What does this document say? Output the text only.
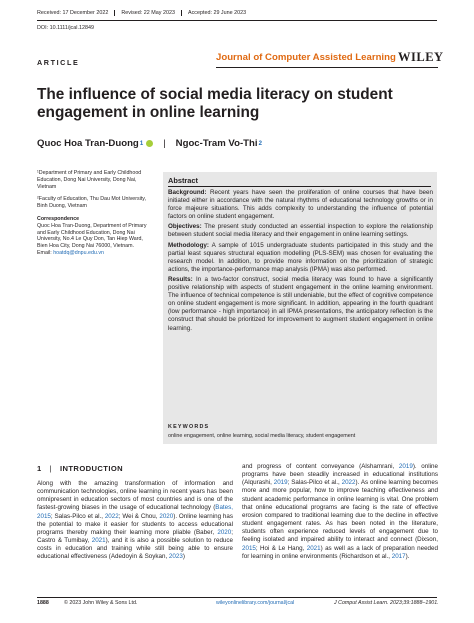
Received: 17 December 2022	Revised: 22 May 2023	Accepted: 29 June 2023
DOI: 10.1111/jcal.12849
ARTICLE	Journal of Computer Assisted Learning WILEY
The influence of social media literacy on student engagement in online learning
Quoc Hoa Tran-Duong 1 | Ngoc-Tram Vo-Thi 2

¹Department of Primary and Early Childhood Education, Dong Nai University, Dong Nai, Vietnam

²Faculty of Education, Thu Dau Mot University, Binh Duong, Vietnam

Correspondence

Quoc Hoa Tran-Duong, Department of Primary and Early Childhood Education, Dong Nai University, No.4 Le Quy Don, Tan Hiep Ward, Bien Hoa City, Dong Nai 76000, Vietnam.
Email: hoatdq@dnpu.edu.vn

Abstract

Background: Recent years have seen the proliferation of online courses that have been initiated either in accordance with the natural rhythms of educational technology growths or in force majeure situations. This adds complexity to understanding the influence of potential factors on online student engagement.

Objectives: The present study conducted an essential inspection to explore the relationship between student social media literacy and their engagement in online learning settings.

Methodology: A sample of 1015 undergraduate students participated in this study and the partial least squares structural equation modelling (PLS-SEM) was chosen for evaluating the research model. In addition, to provide more information on the prioritization of strategic actions, the importance-performance map analysis (IPMA) was also performed.

Results: In a two-factor construct, social media literacy was found to have a significantly positive relationship with aspects of student engagement in the online learning environment. The influence of technical competence is still undeniable, but the effect of cognitive competence on online student engagement is more significant. In addition, appearing in the fourth quadrant (low performance - high importance) in all IPMA presentations, the anticipatory reflection is the construct that should be prioritized for improvement to augment student engagement in online learning.

KEYWORDS
online engagement, online learning, social media literacy, student engagement
1 | INTRODUCTION

Along with the amazing transformation of information and communication technologies, online learning in recent years has been omnipresent in education sectors of most countries and is one of the fastest-growing biases in the usage of educational technology (Bates, 2015; Salas-Pilco et al., 2022; Wei & Chou, 2020). Online learning has the potential to make it easier for students to access educational programs thereby making their learning more pliable (Baber, 2020; Castro & Tumibay, 2021), and it is also a possible solution to reduce costs in education and training while still being able to ensure educational effectiveness (Adedoyin & Soykan, 2023)

and progress of content conveyance (Alshamrani, 2019). online programs have been steadily increased in educational institutions (Alqurashi, 2019; Salas-Pilco et al., 2022). As online learning becomes more and more popular, how to improve teaching effectiveness and student academic performance in online learning is vital. One problem that online educational programs are facing is the rate of effective erosion compared to traditional learning due to the decline in effective student engagement rates. As has been noted in the literature, students often experience reduced levels of engagement due to feeling isolated and impaired ability to interact and connect (Dixson, 2015; Hoi & Le Hang, 2021) as well as a lack of preparation needed for learning in online environments (Richardson et al., 2017).

1888	© 2023 John Wiley & Sons Ltd.	wileyonlinelibrary.com/journal/jcal	J Comput Assist Learn. 2023;39:1888–1901.
